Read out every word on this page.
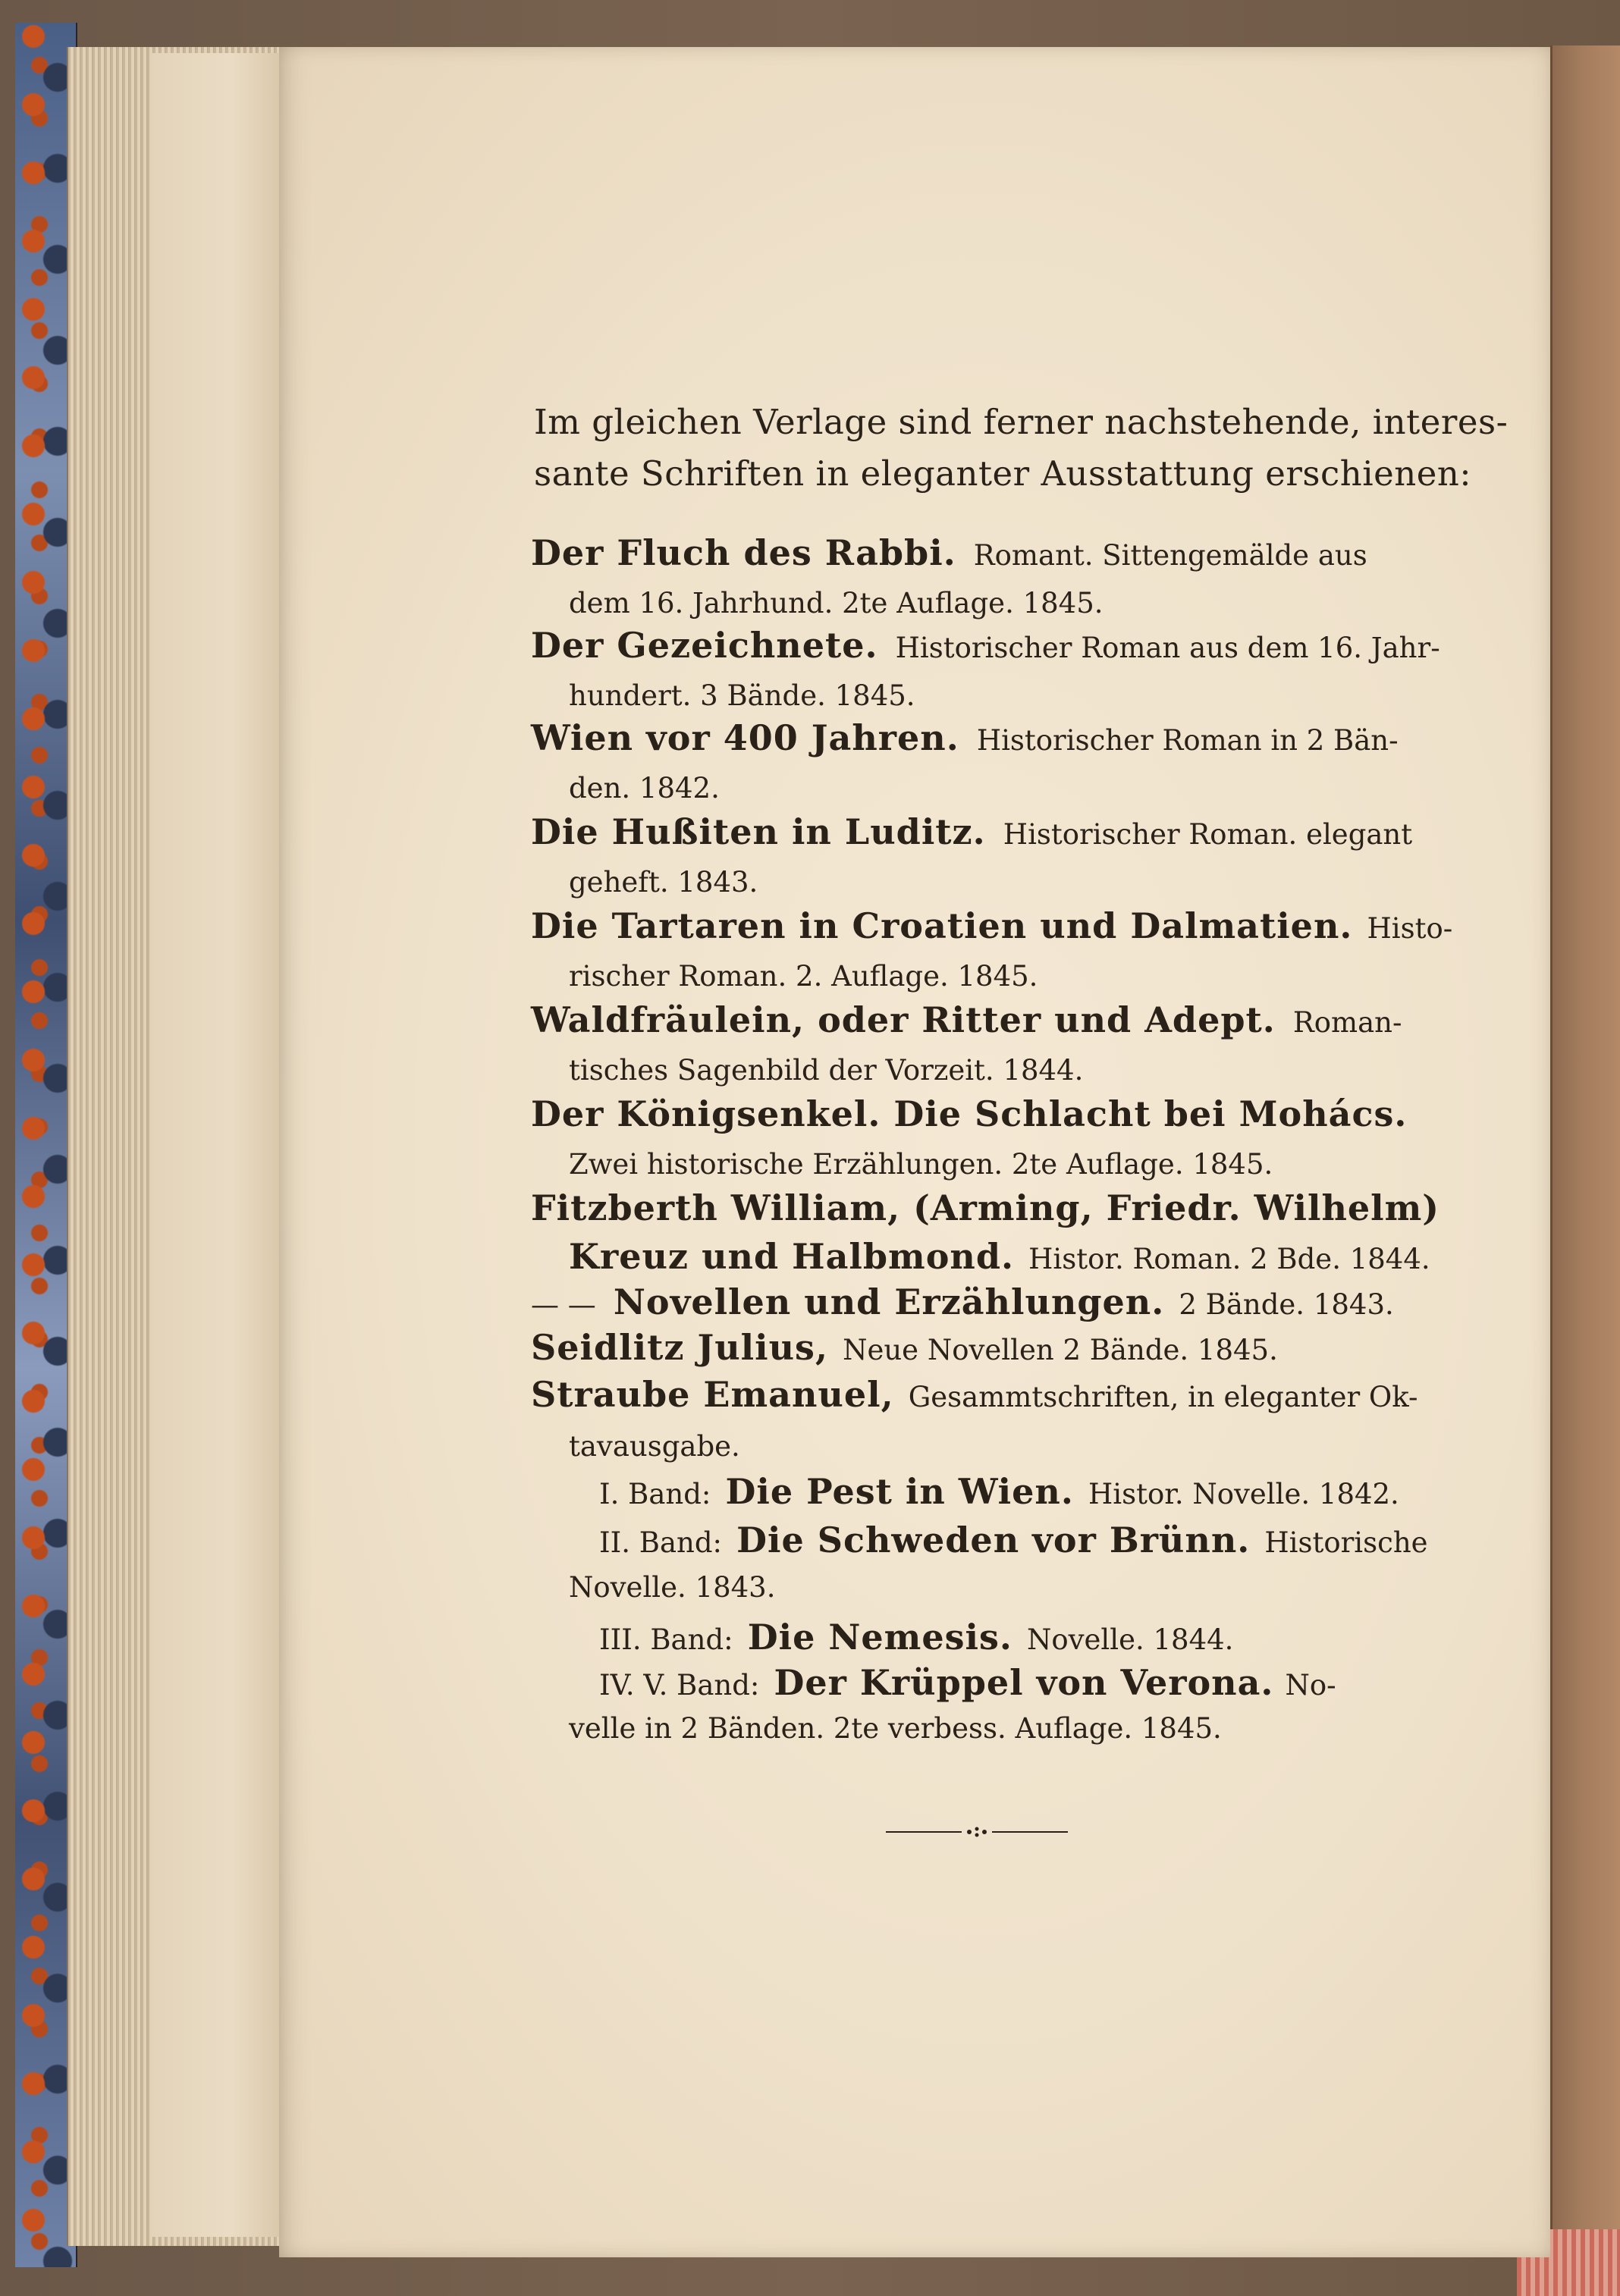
Im gleichen Verlage sind ferner nachstehende, interes-
sante Schriften in eleganter Ausstattung erschienen:
Der Fluch des Rabbi. Romant. Sittengemälde aus
dem 16. Jahrhund. 2te Auflage. 1845.
Der Gezeichnete. Historischer Roman aus dem 16. Jahr-
hundert. 3 Bände. 1845.
Wien vor 400 Jahren. Historischer Roman in 2 Bän-
den. 1842.
Die Hußiten in Luditz. Historischer Roman. elegant
geheft. 1843.
Die Tartaren in Croatien und Dalmatien. Histo-
rischer Roman. 2. Auflage. 1845.
Waldfräulein, oder Ritter und Adept. Roman-
tisches Sagenbild der Vorzeit. 1844.
Der Königsenkel. Die Schlacht bei Mohács.
Zwei historische Erzählungen. 2te Auflage. 1845.
Fitzberth William, (Arming, Friedr. Wilhelm)
Kreuz und Halbmond. Histor. Roman. 2 Bde. 1844.
— — Novellen und Erzählungen. 2 Bände. 1843.
Seidlitz Julius, Neue Novellen 2 Bände. 1845.
Straube Emanuel, Gesammtschriften, in eleganter Ok-
tavausgabe.
I. Band: Die Pest in Wien. Histor. Novelle. 1842.
II. Band: Die Schweden vor Brünn. Historische
Novelle. 1843.
III. Band: Die Nemesis. Novelle. 1844.
IV. V. Band: Der Krüppel von Verona. No-
velle in 2 Bänden. 2te verbess. Auflage. 1845.
